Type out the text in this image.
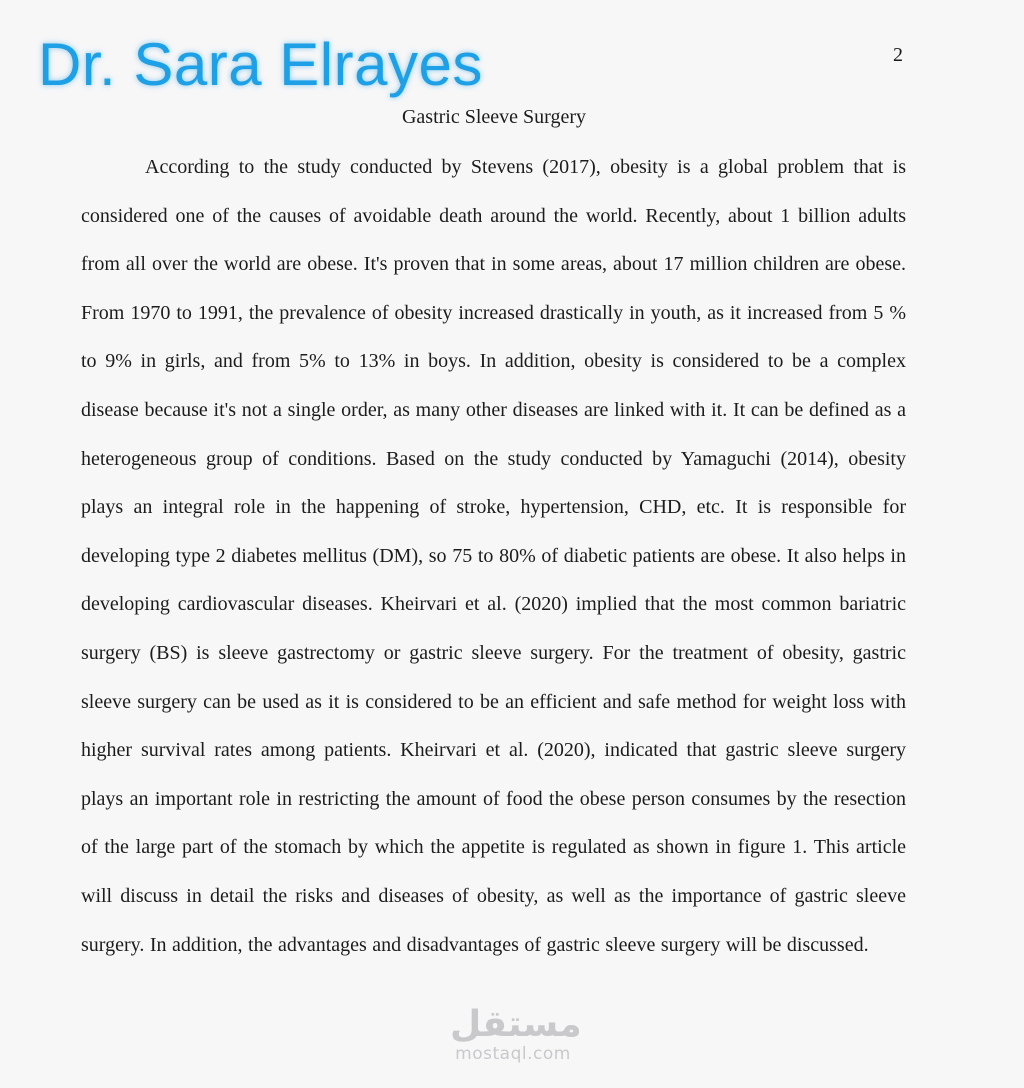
Dr. Sara Elrayes	2
Gastric Sleeve Surgery

According to the study conducted by Stevens (2017), obesity is a global problem that is considered one of the causes of avoidable death around the world. Recently, about 1 billion adults from all over the world are obese. It's proven that in some areas, about 17 million children are obese. From 1970 to 1991, the prevalence of obesity increased drastically in youth, as it increased from 5 % to 9% in girls, and from 5% to 13% in boys. In addition, obesity is considered to be a complex disease because it's not a single order, as many other diseases are linked with it. It can be defined as a heterogeneous group of conditions. Based on the study conducted by Yamaguchi (2014), obesity plays an integral role in the happening of stroke, hypertension, CHD, etc. It is responsible for developing type 2 diabetes mellitus (DM), so 75 to 80% of diabetic patients are obese. It also helps in developing cardiovascular diseases. Kheirvari et al. (2020) implied that the most common bariatric surgery (BS) is sleeve gastrectomy or gastric sleeve surgery. For the treatment of obesity, gastric sleeve surgery can be used as it is considered to be an efficient and safe method for weight loss with higher survival rates among patients. Kheirvari et al. (2020), indicated that gastric sleeve surgery plays an important role in restricting the amount of food the obese person consumes by the resection of the large part of the stomach by which the appetite is regulated as shown in figure 1. This article will discuss in detail the risks and diseases of obesity, as well as the importance of gastric sleeve surgery. In addition, the advantages and disadvantages of gastric sleeve surgery will be discussed.

مستقل
mostaql.com
